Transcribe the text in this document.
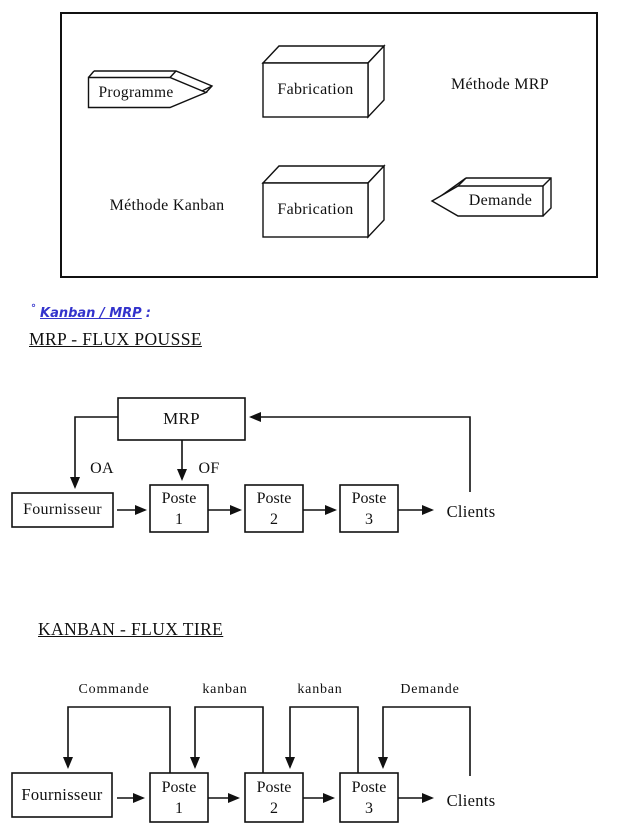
Programme	Fabrication	Méthode MRP
Méthode Kanban	Fabrication
Demande
° Kanban / MRP :
MRP - FLUX POUSSE
MRP
OA	OF
Fournisseur
Poste
1
Poste
2
Poste
3	Clients
KANBAN - FLUX TIRE
Commande	kanban	kanban	Demande
Fournisseur	Poste
1
Poste
2
Poste
3	Clients
